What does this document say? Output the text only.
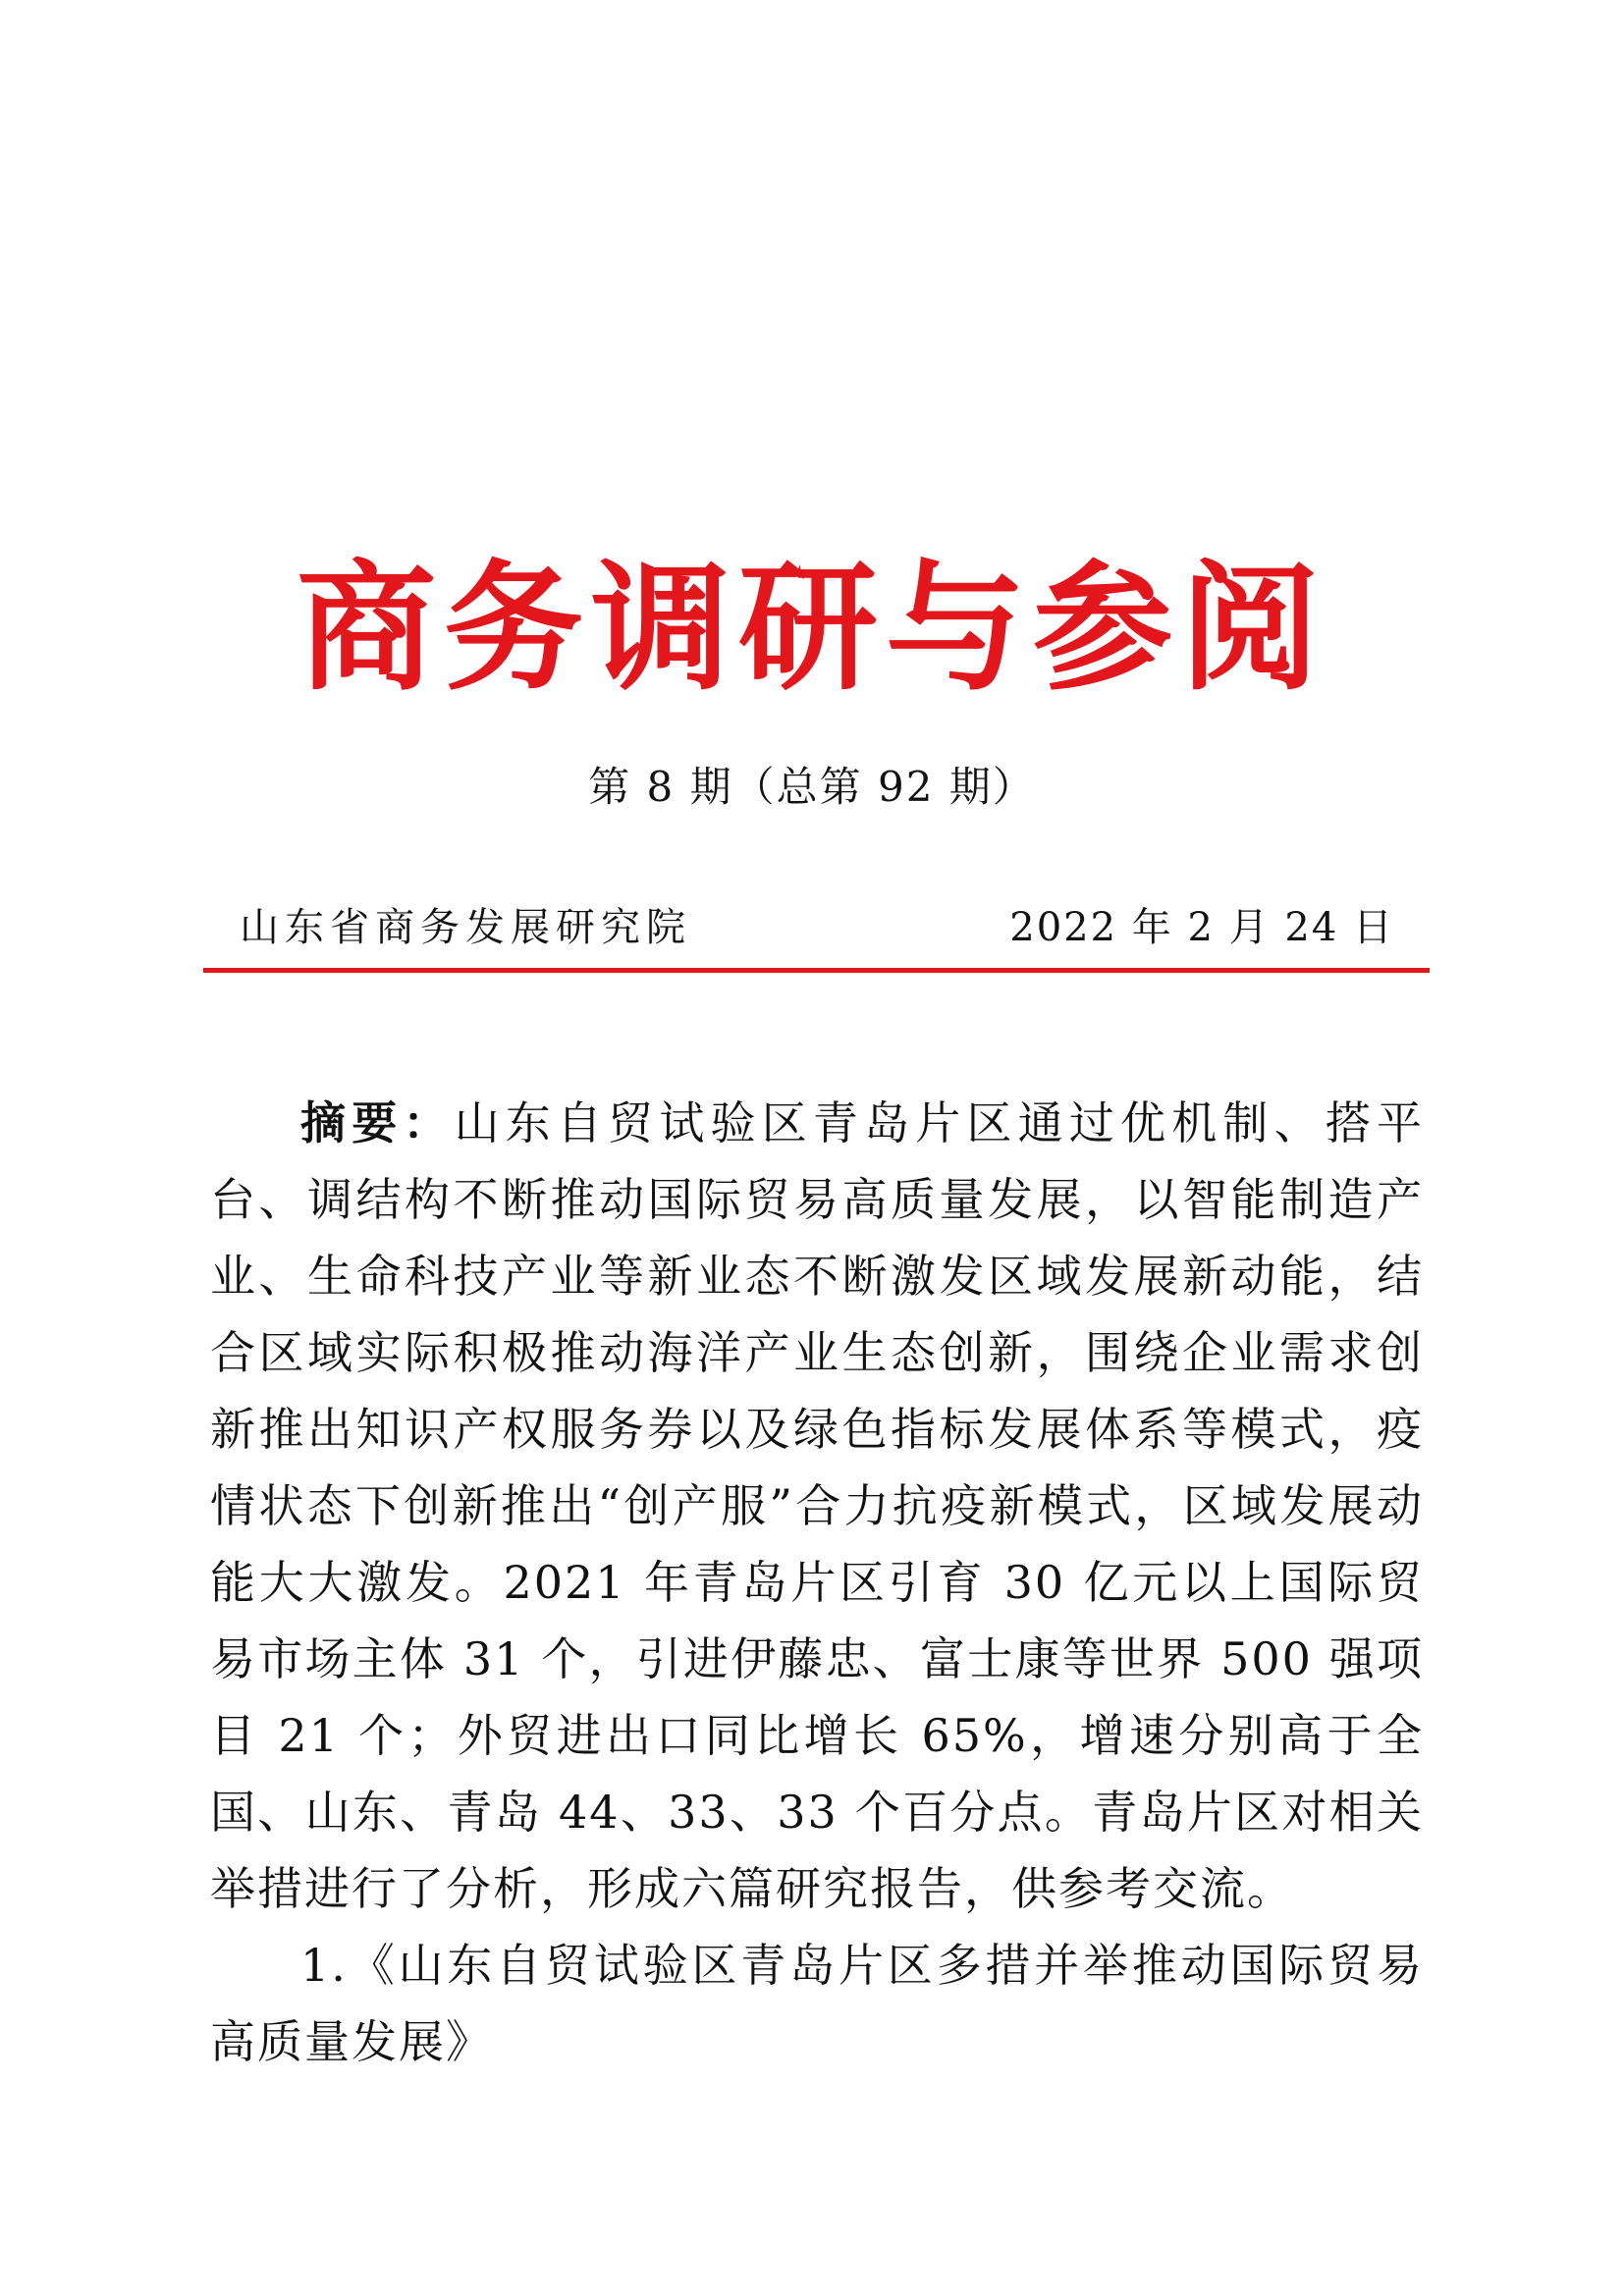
商务调研与参阅
第 8 期（总第 92 期）
山东省商务发展研究院	2022 年 2 月 24 日

摘要：山东自贸试验区青岛片区通过优机制、搭平台、调结构不断推动国际贸易高质量发展，以智能制造产业、生命科技产业等新业态不断激发区域发展新动能，结合区域实际积极推动海洋产业生态创新，围绕企业需求创新推出知识产权服务券以及绿色指标发展体系等模式，疫情状态下创新推出“创产服”合力抗疫新模式，区域发展动能大大激发。2021 年青岛片区引育 30 亿元以上国际贸易市场主体 31 个，引进伊藤忠、富士康等世界 500 强项目 21 个；外贸进出口同比增长 65%，增速分别高于全国、山东、青岛 44、33、33 个百分点。青岛片区对相关举措进行了分析，形成六篇研究报告，供参考交流。

1.《山东自贸试验区青岛片区多措并举推动国际贸易高质量发展》
